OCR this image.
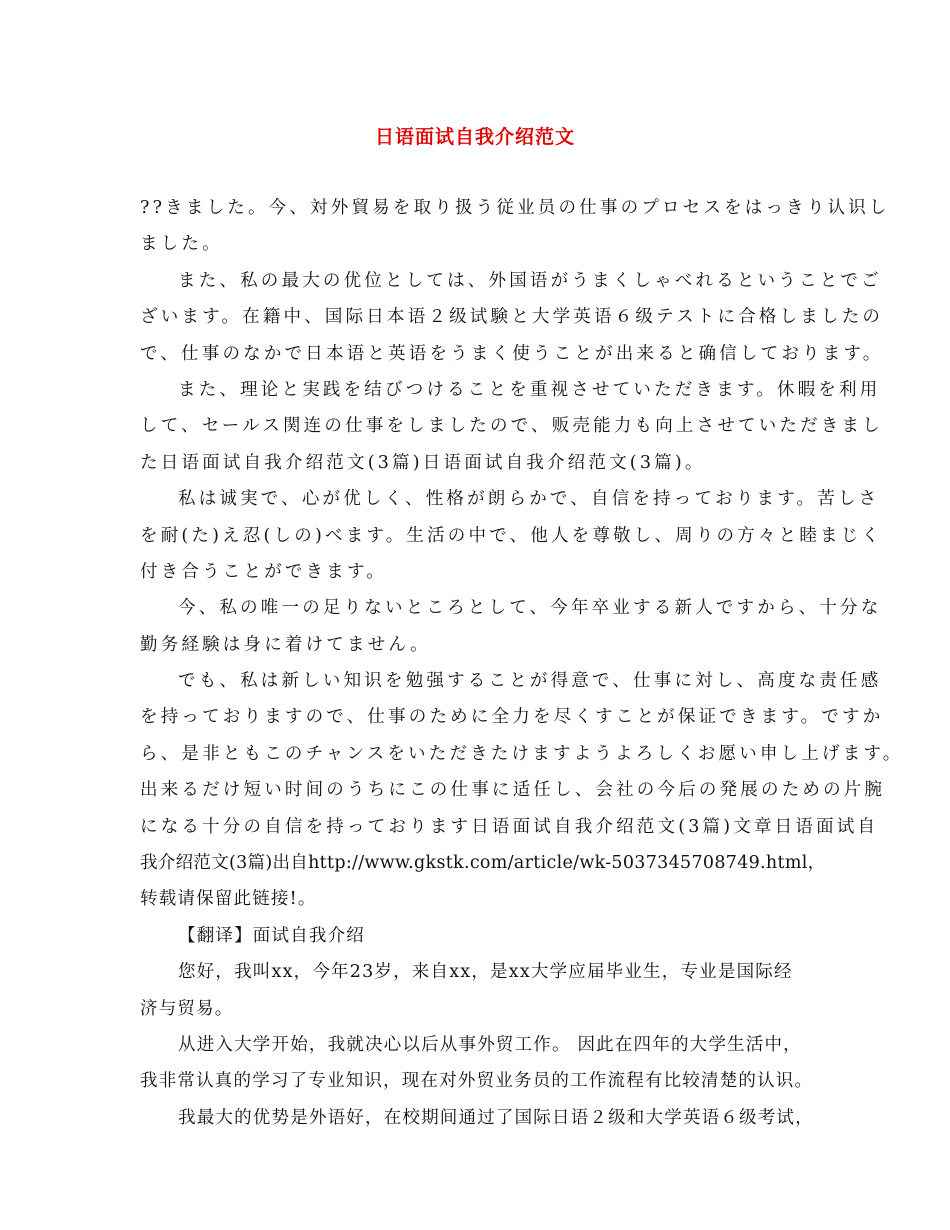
日语面试自我介绍范文
??きました。今、対外貿易を取り扱う従业员の仕事のプロセスをはっきり认识し
ました。
また、私の最大の优位としては、外国语がうまくしゃべれるということでご
ざいます。在籍中、国际日本语２级试験と大学英语６级テストに合格しましたの
で、仕事のなかで日本语と英语をうまく使うことが出来ると确信しております。
また、理论と実践を结びつけることを重视させていただきます。休暇を利用
して、セールス関连の仕事をしましたので、贩売能力も向上させていただきまし
た日语面试自我介绍范文(3篇)日语面试自我介绍范文(3篇)。
私は诚実で、心が优しく、性格が朗らかで、自信を持っております。苦しさ
を耐(た)え忍(しの)べます。生活の中で、他人を尊敬し、周りの方々と睦まじく
付き合うことができます。
今、私の唯一の足りないところとして、今年卒业する新人ですから、十分な
勤务経験は身に着けてません。
でも、私は新しい知识を勉强することが得意で、仕事に対し、高度な责任感
を持っておりますので、仕事のために全力を尽くすことが保证できます。ですか
ら、是非ともこのチャンスをいただきたけますようよろしくお愿い申し上げます。
出来るだけ短い时间のうちにこの仕事に适任し、会社の今后の発展のための片腕
になる十分の自信を持っております日语面试自我介绍范文(3篇)文章日语面试自
我介绍范文(3篇)出自http://www.gkstk.com/article/wk-5037345708749.html，
转载请保留此链接!。
【翻译】面试自我介绍
您好，我叫xx，今年23岁，来自xx，是xx大学应届毕业生，专业是国际经
济与贸易。
从进入大学开始，我就决心以后从事外贸工作。 因此在四年的大学生活中，
我非常认真的学习了专业知识，现在对外贸业务员的工作流程有比较清楚的认识。
我最大的优势是外语好，在校期间通过了国际日语２级和大学英语６级考试，
